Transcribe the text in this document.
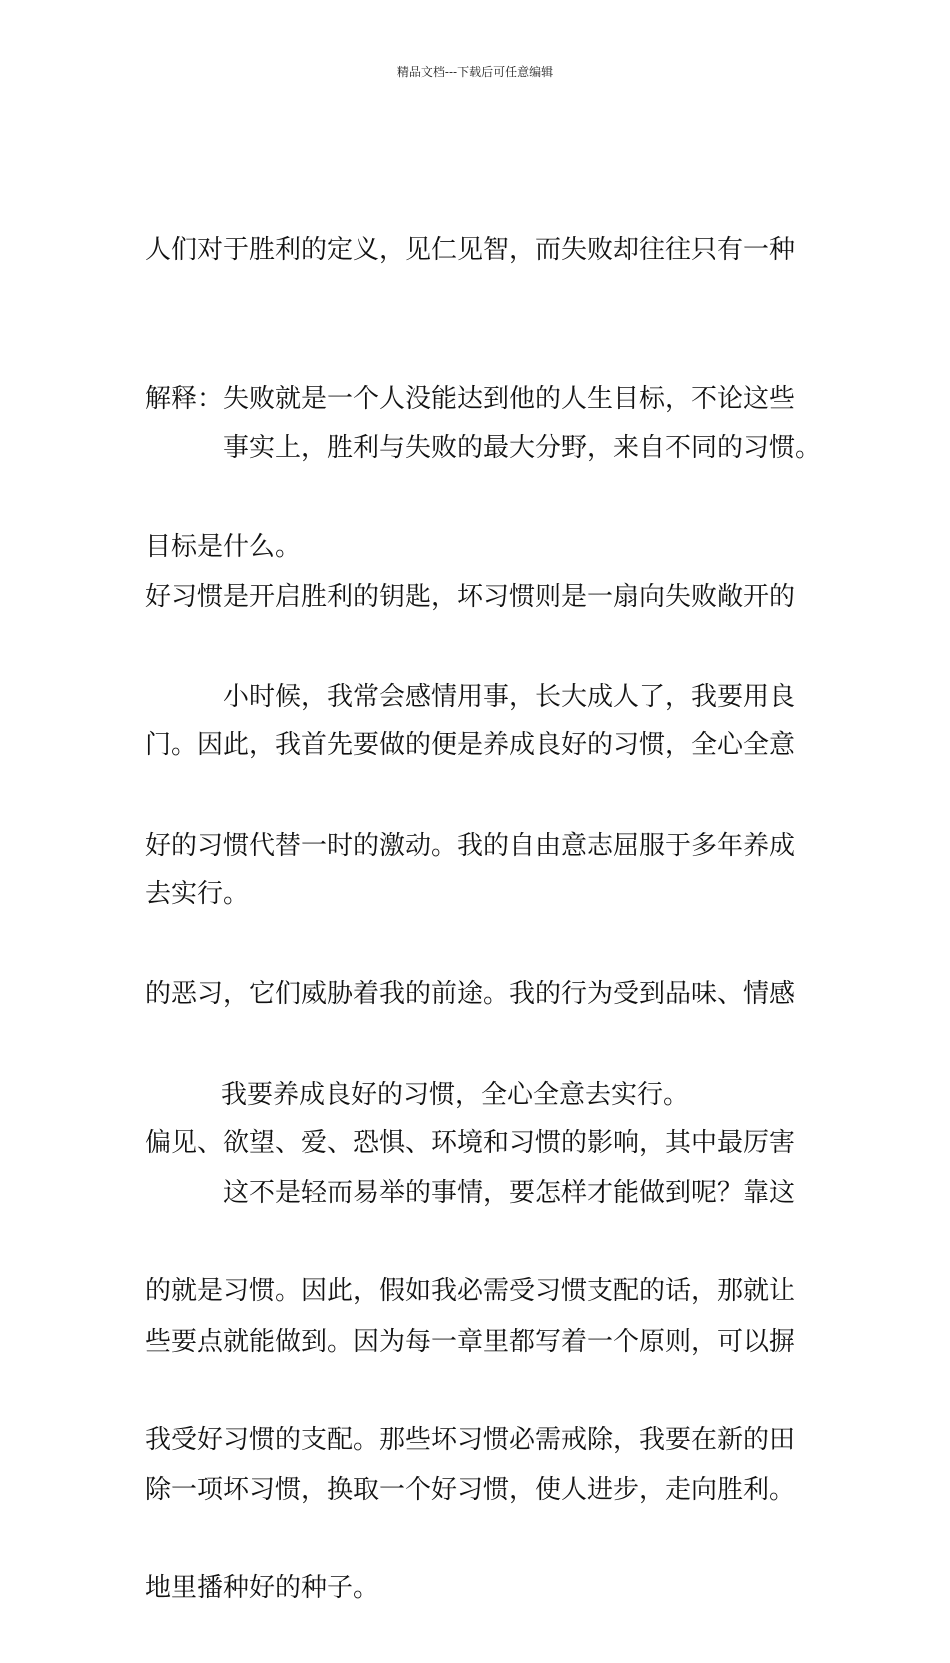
精品文档---下载后可任意编辑

人们对于胜利的定义，见仁见智，而失败却往往只有一种

解释：失败就是一个人没能达到他的人生目标，不论这些

目标是什么。

　　　事实上，胜利与失败的最大分野，来自不同的习惯。

好习惯是开启胜利的钥匙，坏习惯则是一扇向失败敞开的

门。因此，我首先要做的便是养成良好的习惯，全心全意

去实行。

　　　小时候，我常会感情用事，长大成人了，我要用良

好的习惯代替一时的激动。我的自由意志屈服于多年养成

的恶习，它们威胁着我的前途。我的行为受到品味、情感

偏见、欲望、爱、恐惧、环境和习惯的影响，其中最厉害

的就是习惯。因此，假如我必需受习惯支配的话，那就让

我受好习惯的支配。那些坏习惯必需戒除，我要在新的田

地里播种好的种子。

我要养成良好的习惯，全心全意去实行。

　　　这不是轻而易举的事情，要怎样才能做到呢？靠这

些要点就能做到。因为每一章里都写着一个原则，可以摒

除一项坏习惯，换取一个好习惯，使人进步，走向胜利。
